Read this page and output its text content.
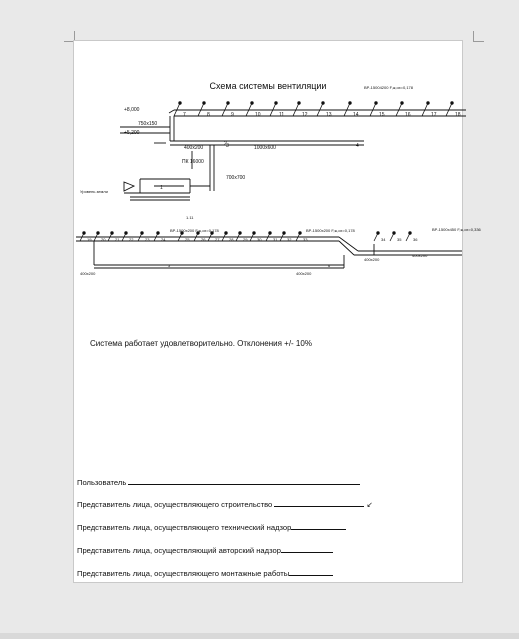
Схема системы вентиляции
+8,000
+5,200
Уровень земли
750x150
400x200	1000x600
700x700
ПК 16000
ВР-15004200 F,ж,ох=0,178
1
1.11
2 3	4
400x200	400x200
400x200
400x200
ВР-1500x200 F,ж,ох=0,178	ВР-1500x200 F,ж,ох=0,178	ВР-1500x450 F,ж,ох=0,336
5	6
7	8	9	10	11	12	13	14	15	16	17	18
19 20 21 22	23	24	25	26 27 28 29 30	31 32	33	34	35	36
Система работает удовлетворительно. Отклонения +/- 10%
Пользователь
Представитель лица, осуществляющего строительство	↙
Представитель лица, осуществляющего техничеcкий надзор
Представитель лица, осуществляющий авторский надзор
Представитель лица, осуществляющего монтажные работы
